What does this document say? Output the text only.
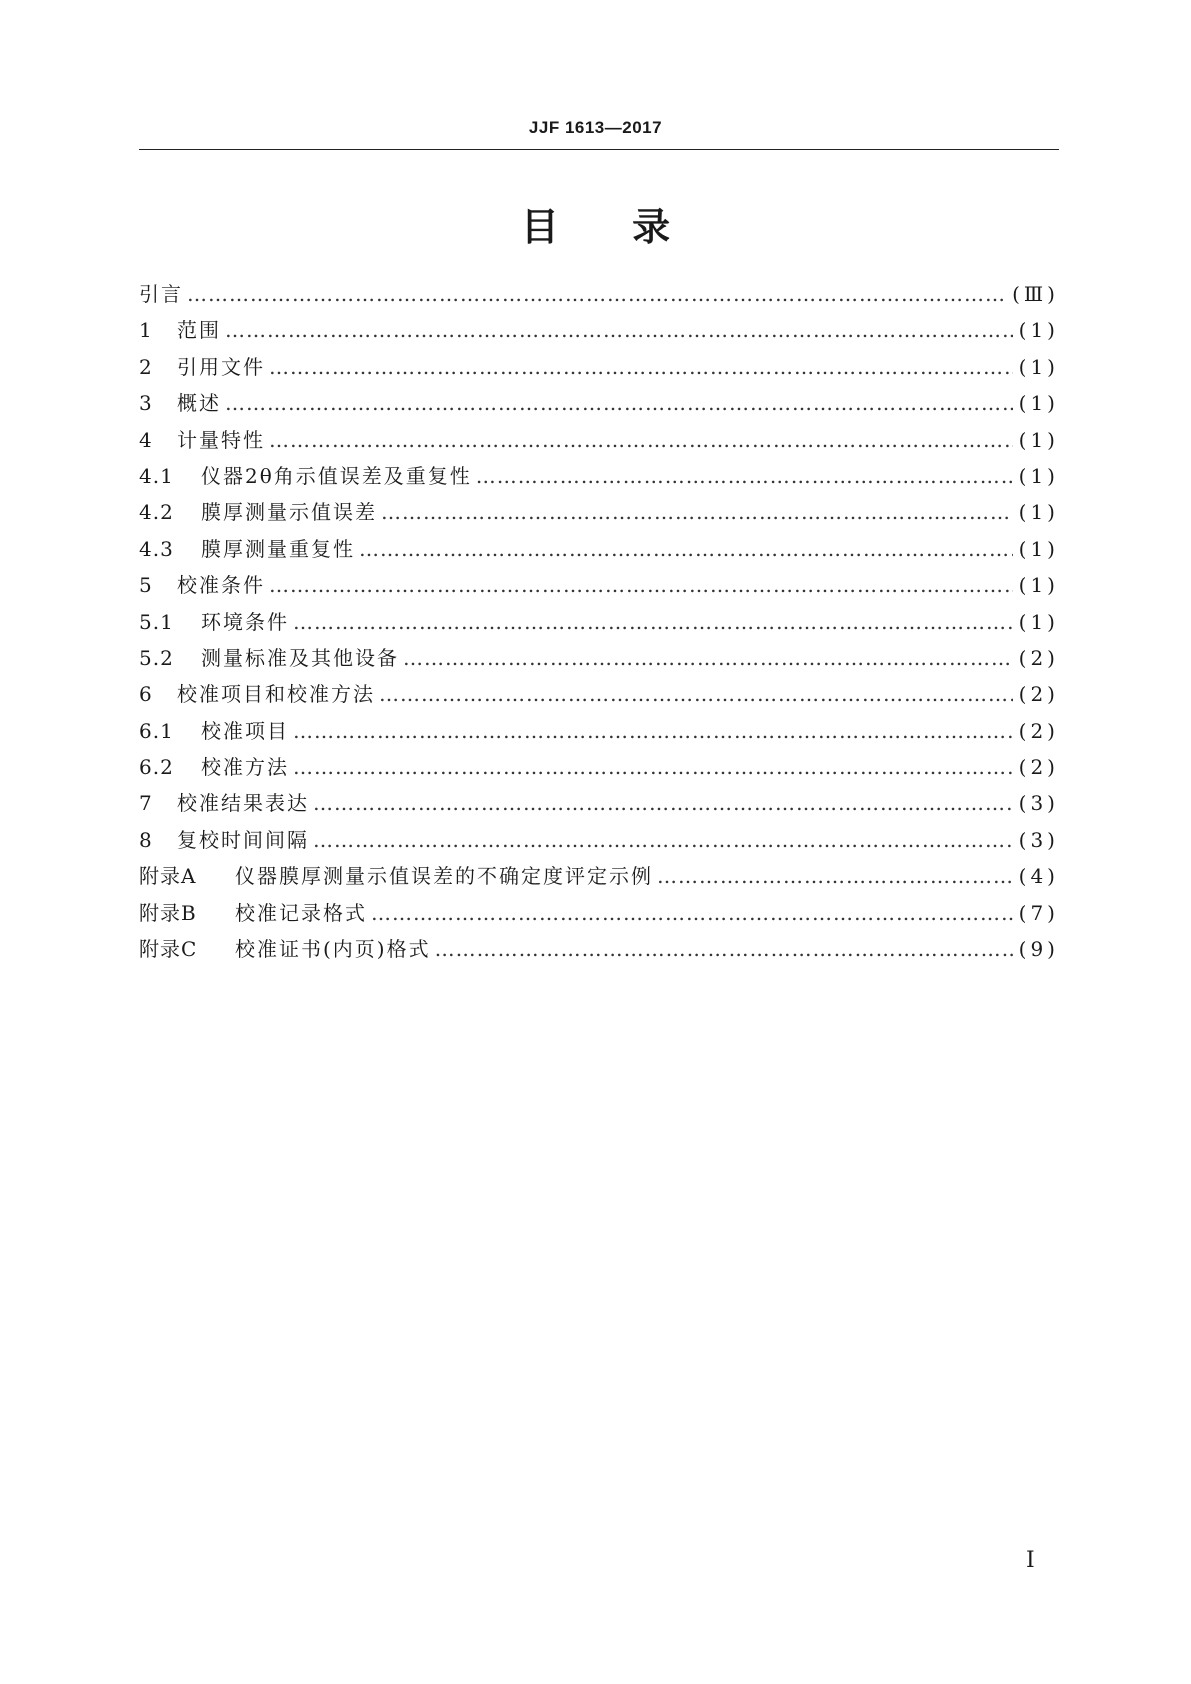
JJF 1613—2017
目 录
引言 ……………………………………………………………………………………………………………………………………………………………………………………………………	(Ⅲ)
1	范围 ……………………………………………………………………………………………………………………………………………………………………………………………………	(1)
2	引用文件 ……………………………………………………………………………………………………………………………………………………………………………………………………	(1)
3	概述 ……………………………………………………………………………………………………………………………………………………………………………………………………	(1)
4	计量特性 ……………………………………………………………………………………………………………………………………………………………………………………………………	(1)
4.1	仪器2θ角示值误差及重复性 ……………………………………………………………………………………………………………………………………………………………………………………………………	(1)
4.2	膜厚测量示值误差 ……………………………………………………………………………………………………………………………………………………………………………………………………	(1)
4.3	膜厚测量重复性 ……………………………………………………………………………………………………………………………………………………………………………………………………	(1)
5	校准条件 ……………………………………………………………………………………………………………………………………………………………………………………………………	(1)
5.1	环境条件 ……………………………………………………………………………………………………………………………………………………………………………………………………	(1)
5.2	测量标准及其他设备 ……………………………………………………………………………………………………………………………………………………………………………………………………	(2)
6	校准项目和校准方法 ……………………………………………………………………………………………………………………………………………………………………………………………………	(2)
6.1	校准项目 ……………………………………………………………………………………………………………………………………………………………………………………………………	(2)
6.2	校准方法 ……………………………………………………………………………………………………………………………………………………………………………………………………	(2)
7	校准结果表达 ……………………………………………………………………………………………………………………………………………………………………………………………………	(3)
8	复校时间间隔 ……………………………………………………………………………………………………………………………………………………………………………………………………	(3)
附录A	仪器膜厚测量示值误差的不确定度评定示例 ……………………………………………………………………………………………………………………………………………………………………………………………………	(4)
附录B	校准记录格式 ……………………………………………………………………………………………………………………………………………………………………………………………………	(7)
附录C	校准证书(内页)格式 ……………………………………………………………………………………………………………………………………………………………………………………………………	(9)
I
